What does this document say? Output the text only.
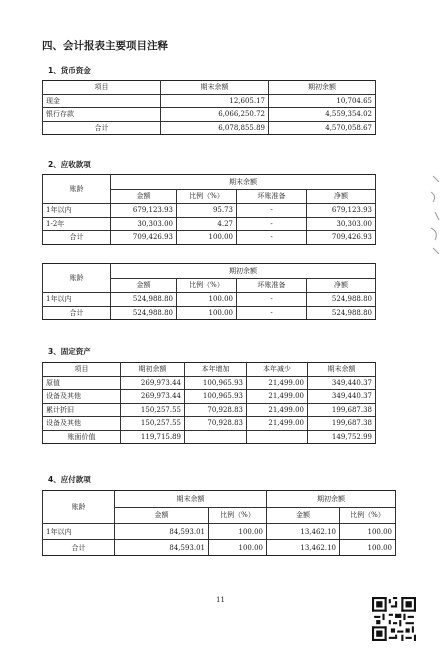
四、会计报表主要项目注释
1、货币资金
项目	期末余额	期初余额
现金	12,605.17	10,704.65
银行存款	6,066,250.72	4,559,354.02
合计	6,078,855.89	4,570,058.67
2、应收款项
账龄	期末余额			
	金额	比例（%）	坏账准备	净额
1年以内	679,123.93	95.73	-	679,123.93
1-2年	30,303.00	4.27	-	30,303.00
合计	709,426.93	100.00	-	709,426.93
账龄	期初余额			
	金额	比例（%）	坏账准备	净额
1年以内	524,988.80	100.00	-	524,988.80
合计	524,988.80	100.00	-	524,988.80
3、固定资产
项目	期初余额	本年增加	本年减少	期末余额
原值	269,973.44	100,965.93	21,499.00	349,440.37
设备及其他	269,973.44	100,965.93	21,499.00	349,440.37
累计折旧	150,257.55	70,928.83	21,499.00	199,687.38
设备及其他	150,257.55	70,928.83	21,499.00	199,687.38
账面价值	119,715.89			149,752.99
4、应付款项
账龄	期末余额		期初余额	
	金额	比例（%）	金额	比例（%）
1年以内	84,593.01	100.00	13,462.10	100.00
合计	84,593.01	100.00	13,462.10	100.00
11
